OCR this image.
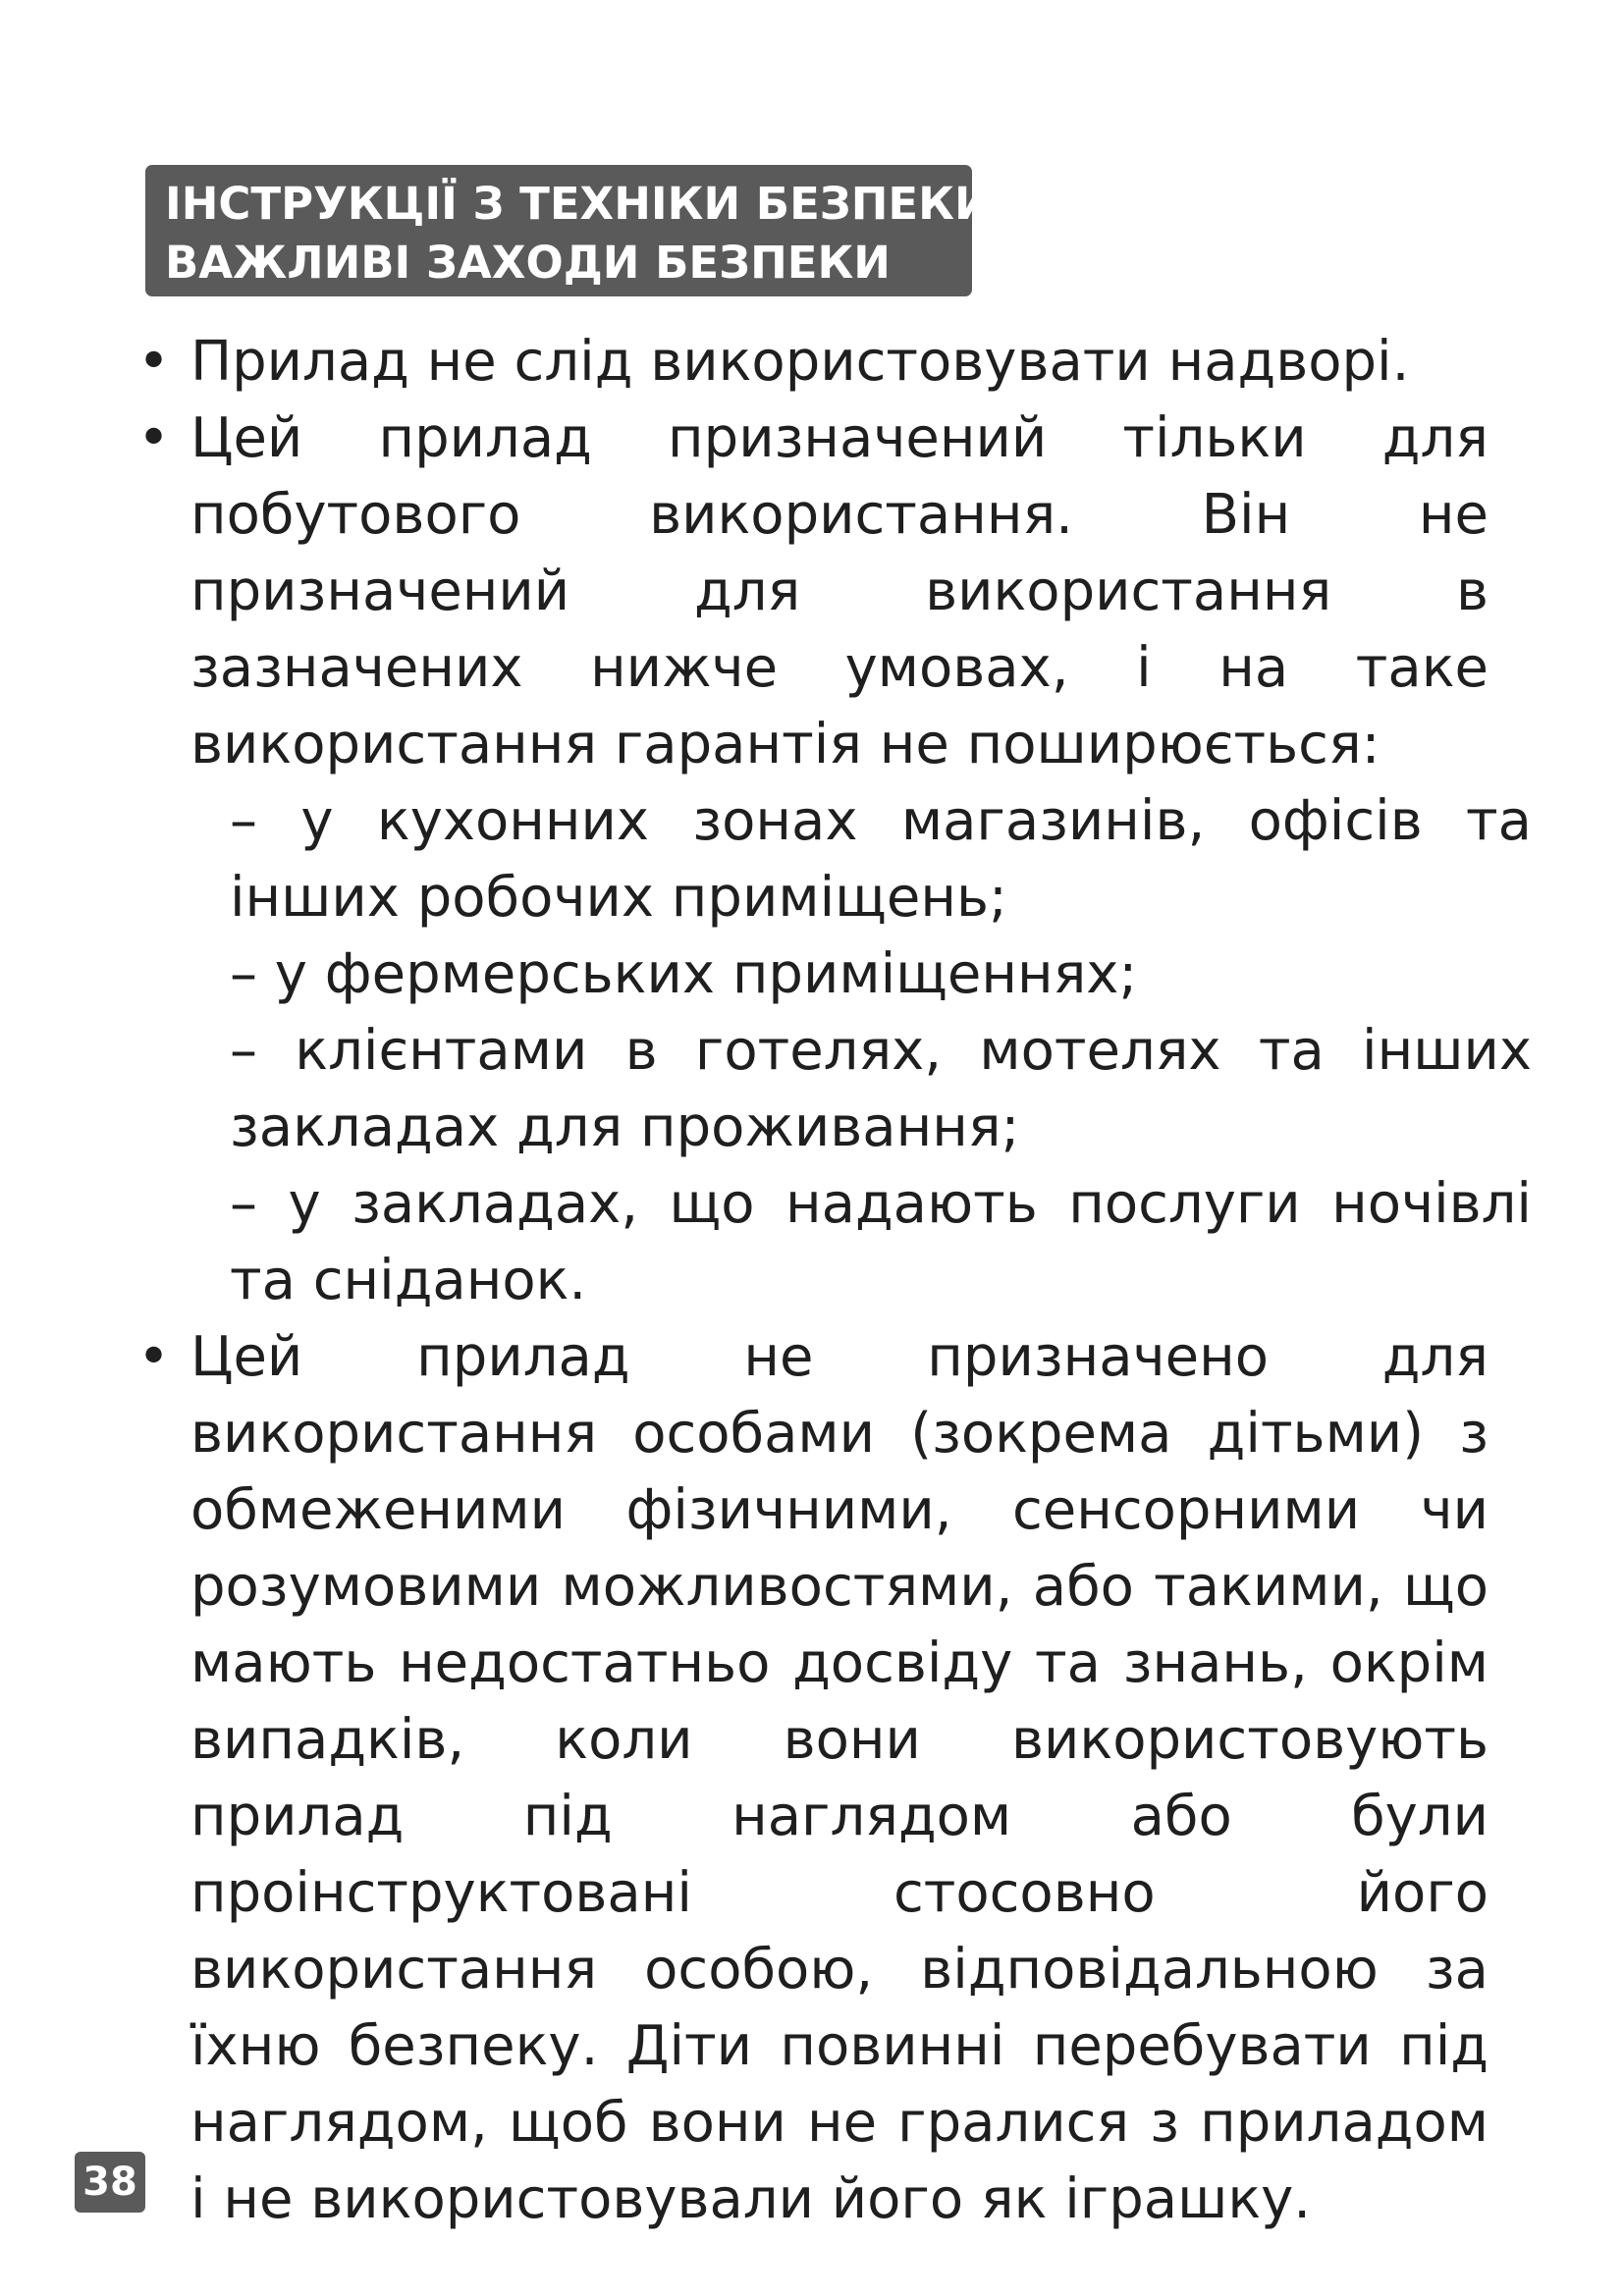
ІНСТРУКЦІЇ З ТЕХНІКИ БЕЗПЕКИ
ВАЖЛИВІ ЗАХОДИ БЕЗПЕКИ

• Прилад не слід використовувати надворі.

• Цей прилад призначений тільки для побутового використання. Він не призначений для використання в зазначених нижче умовах, і на таке використання гарантія не поширюється:

– у кухонних зонах магазинів, офісів та інших робочих приміщень;

– у фермерських приміщеннях;

– клієнтами в готелях, мотелях та інших закладах для проживання;

– у закладах, що надають послуги ночівлі та сніданок.

• Цей прилад не призначено для використання особами (зокрема дітьми) з обмеженими фізичними, сенсорними чи розумовими можливостями, або такими, що мають недостатньо досвіду та знань, окрім випадків, коли вони використовують прилад під наглядом або були проінструктовані стосовно його використання особою, відповідальною за їхню безпеку. Діти повинні перебувати під наглядом, щоб вони не гралися з приладом і не використовували його як іграшку.

38
